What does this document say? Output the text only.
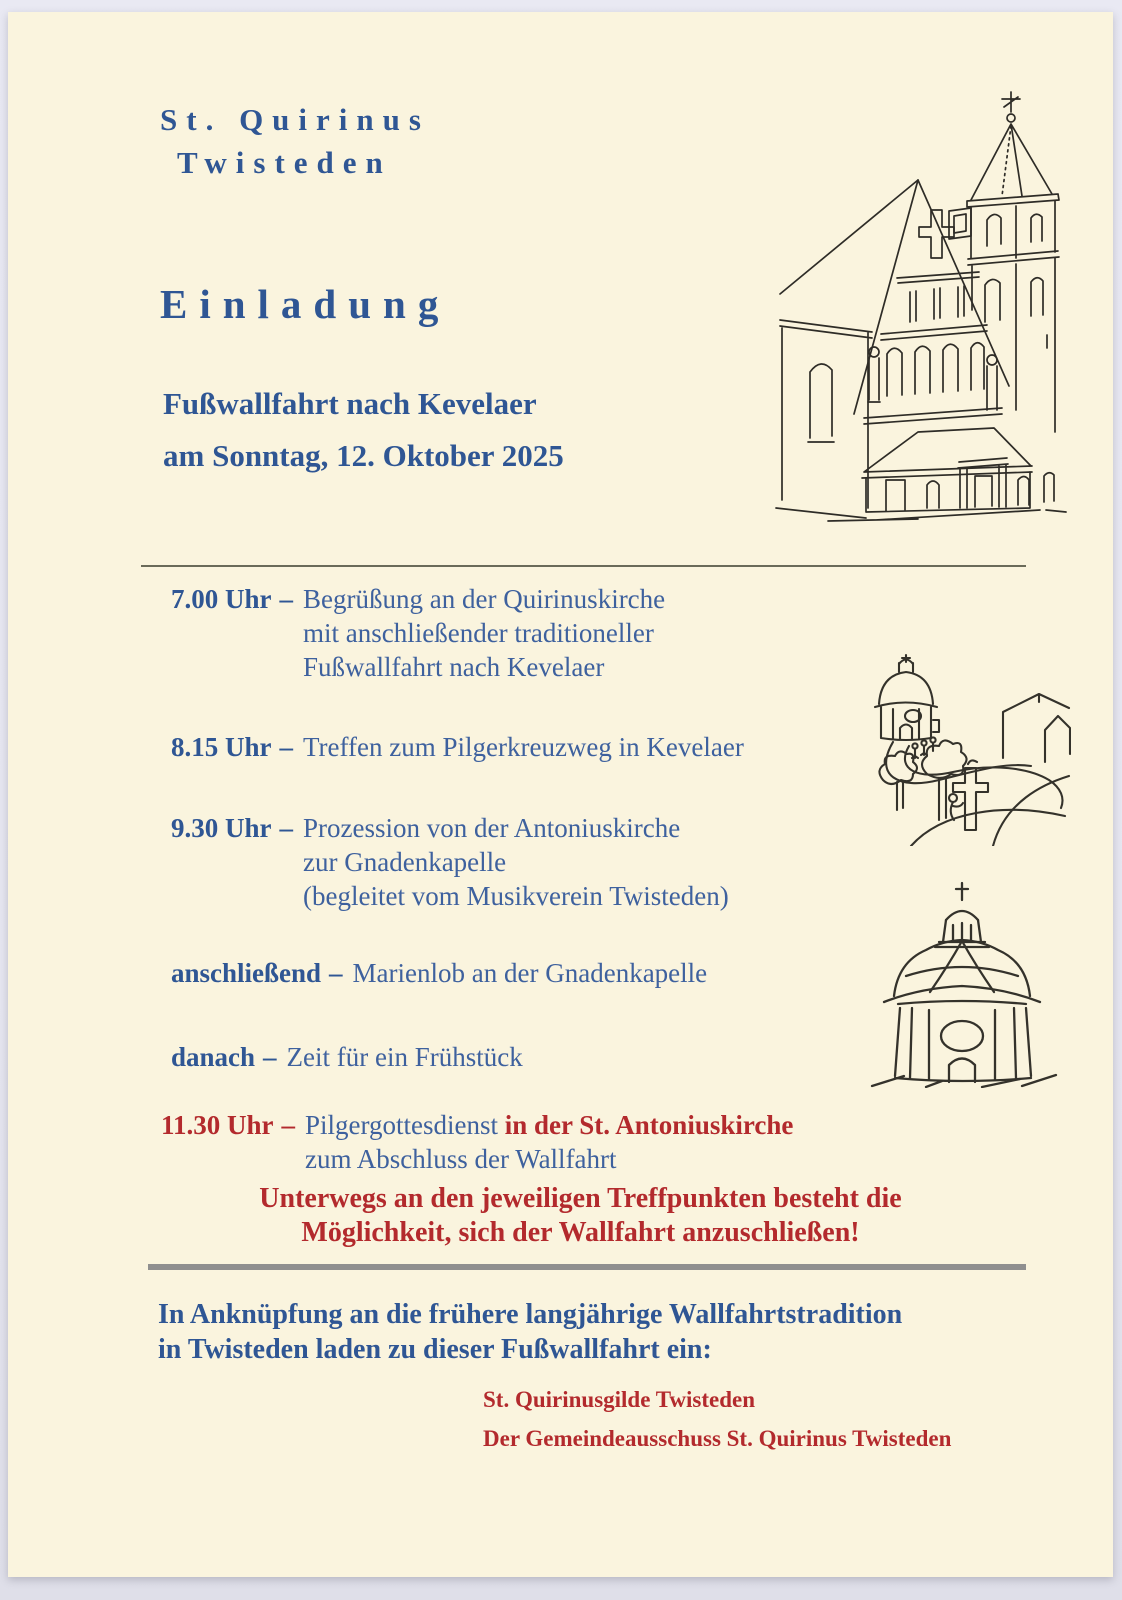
St. Quirinus
Twisteden
Einladung
Fußwallfahrt nach Kevelaer
am Sonntag, 12. Oktober 2025
7.00 Uhr – Begrüßung an der Quirinuskirche
mit anschließender traditioneller
Fußwallfahrt nach Kevelaer
8.15 Uhr – Treffen zum Pilgerkreuzweg in Kevelaer
9.30 Uhr – Prozession von der Antoniuskirche
zur Gnadenkapelle
(begleitet vom Musikverein Twisteden)
anschließend – Marienlob an der Gnadenkapelle
danach – Zeit für ein Frühstück
11.30 Uhr – Pilgergottesdienst in der St. Antoniuskirche
zum Abschluss der Wallfahrt
Unterwegs an den jeweiligen Treffpunkten besteht die
Möglichkeit, sich der Wallfahrt anzuschließen!
In Anknüpfung an die frühere langjährige Wallfahrtstradition
in Twisteden laden zu dieser Fußwallfahrt ein:
St. Quirinusgilde Twisteden
Der Gemeindeausschuss St. Quirinus Twisteden
